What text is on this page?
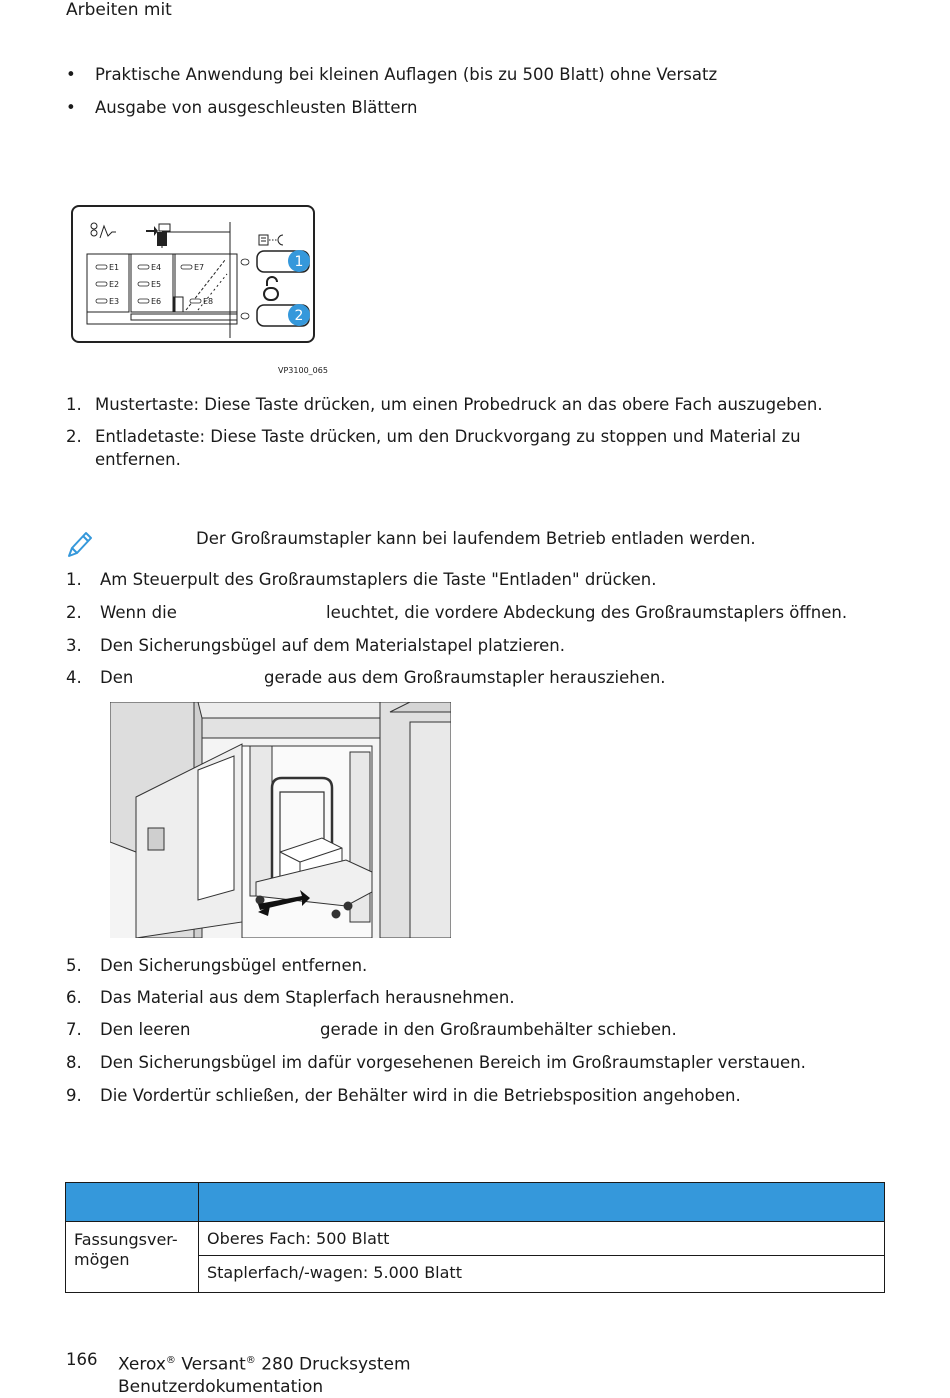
Arbeiten mit
• Praktische Anwendung bei kleinen Auflagen (bis zu 500 Blatt) ohne Versatz
• Ausgabe von ausgeschleusten Blättern
E1
E2
E3
E4
E5
E6
E7
E8
1
2
VP3100_065
1. Mustertaste: Diese Taste drücken, um einen Probedruck an das obere Fach auszugeben.
2. Entladetaste: Diese Taste drücken, um den Druckvorgang zu stoppen und Material zu entfernen.
Der Großraumstapler kann bei laufendem Betrieb entladen werden.
1. Am Steuerpult des Großraumstaplers die Taste "Entladen" drücken.
2. Wenn die	leuchtet, die vordere Abdeckung des Großraumstaplers öffnen.
3. Den Sicherungsbügel auf dem Materialstapel platzieren.
4. Den	gerade aus dem Großraumstapler herausziehen.
5. Den Sicherungsbügel entfernen.
6. Das Material aus dem Staplerfach herausnehmen.
7. Den leeren	gerade in den Großraumbehälter schieben.
8. Den Sicherungsbügel im dafür vorgesehenen Bereich im Großraumstapler verstauen.
9. Die Vordertür schließen, der Behälter wird in die Betriebsposition angehoben.

Fassungsver-
mögen	Oberes Fach: 500 Blatt
	Staplerfach/-wagen: 5.000 Blatt
166 Xerox® Versant® 280 Drucksystem
Benutzerdokumentation
